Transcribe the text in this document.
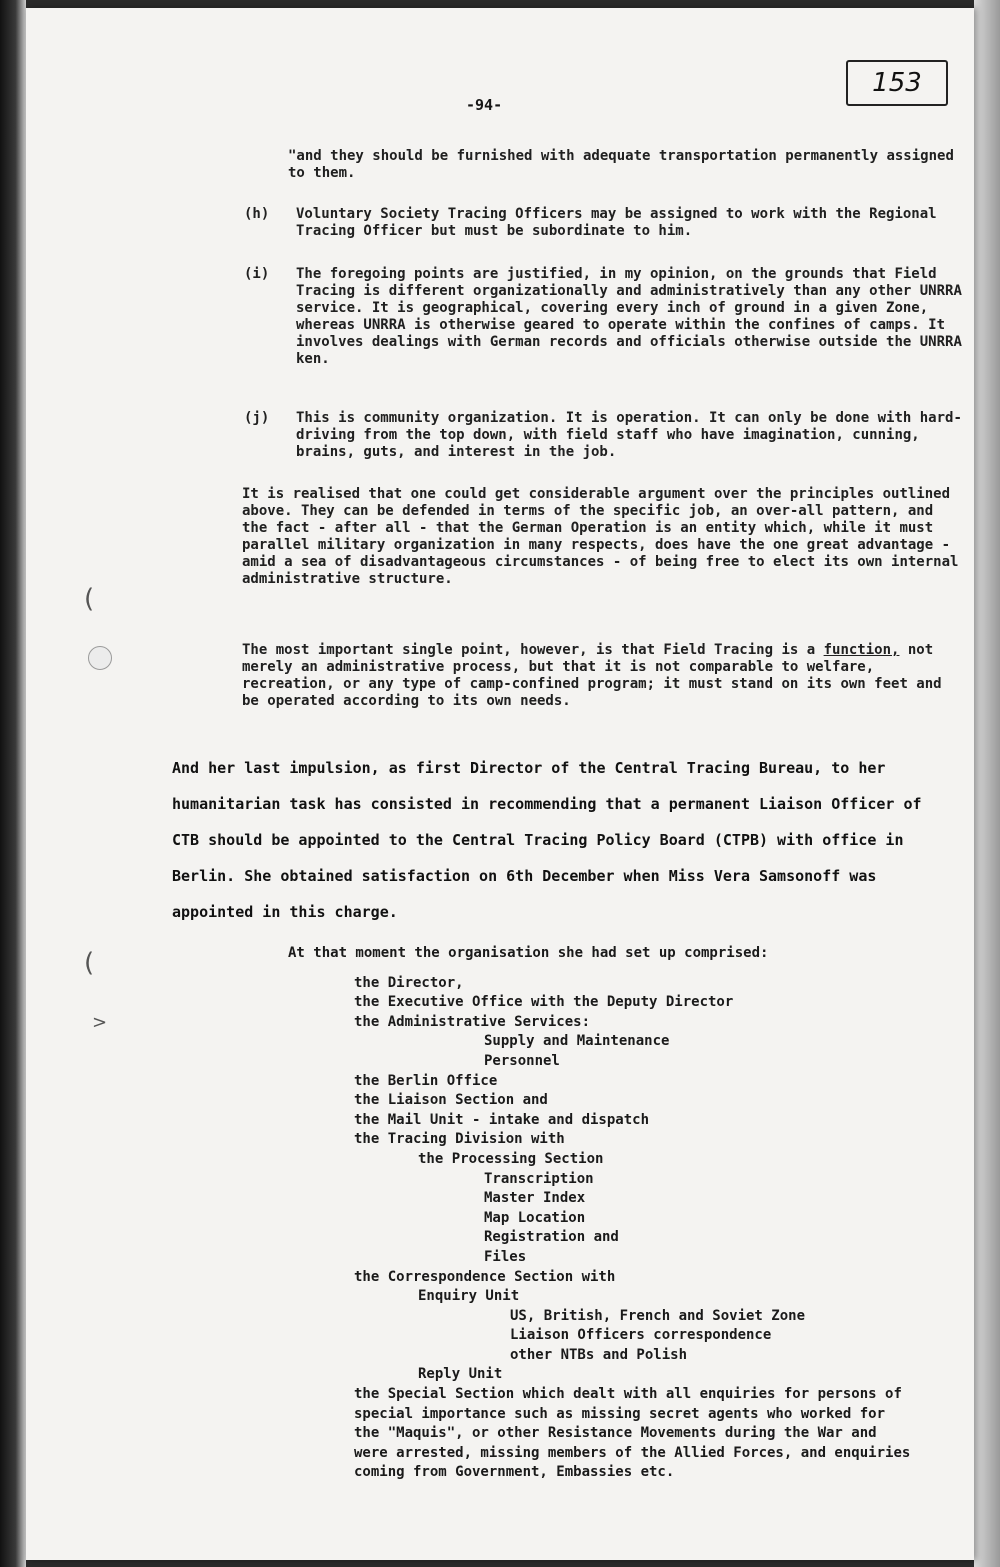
-94-
153
"and they should be furnished with adequate transportation permanently assigned to them.
(h) Voluntary Society Tracing Officers may be assigned to work with the Regional Tracing Officer but must be subordinate to him.
(i) The foregoing points are justified, in my opinion, on the grounds that Field Tracing is different organizationally and administratively than any other UNRRA service. It is geographical, covering every inch of ground in a given Zone, whereas UNRRA is otherwise geared to operate within the confines of camps. It involves dealings with German records and officials otherwise outside the UNRRA ken.
(j) This is community organization. It is operation. It can only be done with hard-driving from the top down, with field staff who have imagination, cunning, brains, guts, and interest in the job.
It is realised that one could get considerable argument over the principles outlined above. They can be defended in terms of the specific job, an over-all pattern, and the fact - after all - that the German Operation is an entity which, while it must parallel military organization in many respects, does have the one great advantage - amid a sea of disadvantageous circumstances - of being free to elect its own internal administrative structure.
The most important single point, however, is that Field Tracing is a function, not merely an administrative process, but that it is not comparable to welfare, recreation, or any type of camp-confined program; it must stand on its own feet and be operated according to its own needs.
And her last impulsion, as first Director of the Central Tracing Bureau, to her humanitarian task has consisted in recommending that a permanent Liaison Officer of CTB should be appointed to the Central Tracing Policy Board (CTPB) with office in Berlin. She obtained satisfaction on 6th December when Miss Vera Samsonoff was appointed in this charge.
At that moment the organisation she had set up comprised:
the Director,
the Executive Office with the Deputy Director
the Administrative Services:
Supply and Maintenance
Personnel
the Berlin Office
the Liaison Section and
the Mail Unit - intake and dispatch
the Tracing Division with
the Processing Section
Transcription
Master Index
Map Location
Registration and
Files
the Correspondence Section with
Enquiry Unit
US, British, French and Soviet Zone
Liaison Officers correspondence
other NTBs and Polish
Reply Unit
the Special Section which dealt with all enquiries for persons of special importance such as missing secret agents who worked for the "Maquis", or other Resistance Movements during the War and were arrested, missing members of the Allied Forces, and enquiries coming from Government, Embassies etc.
(
(
>
